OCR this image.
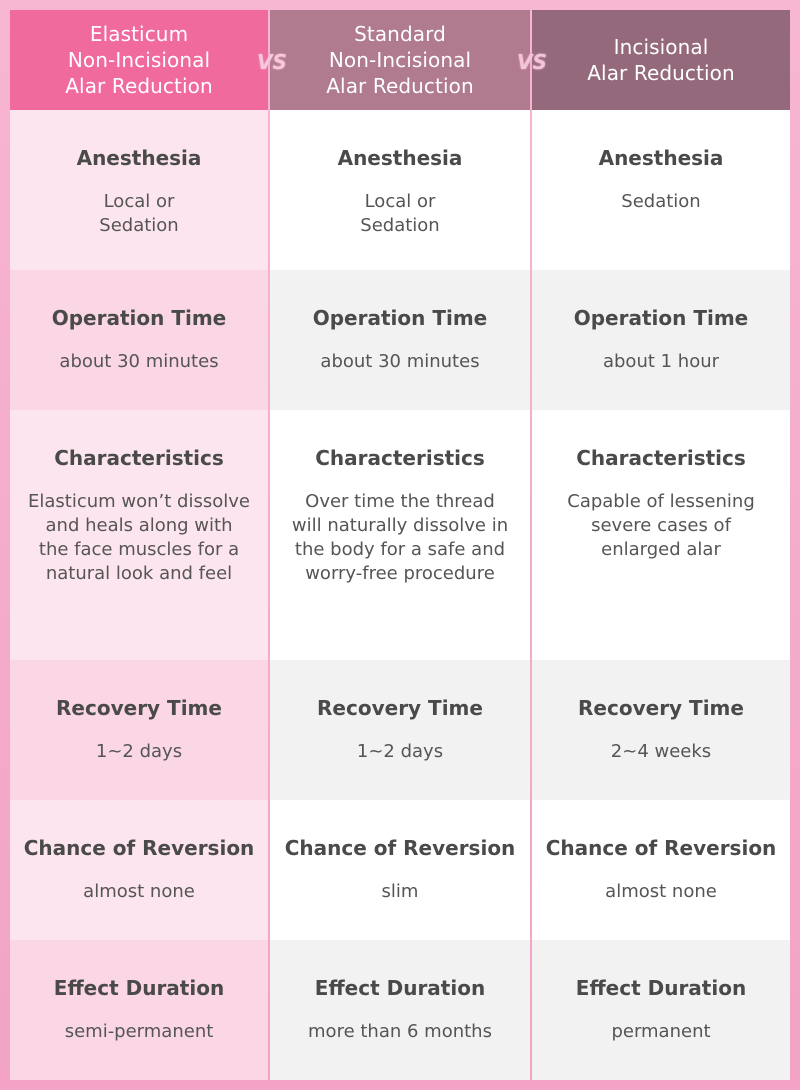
Elasticum
Non-Incisional
Alar Reduction
Anesthesia
Local or
Sedation
Operation Time
about 30 minutes
Characteristics
Elasticum won’t dissolve
and heals along with
the face muscles for a
natural look and feel
Recovery Time
1~2 days
Chance of Reversion
almost none
Effect Duration
semi-permanent
Standard
Non-Incisional
Alar Reduction
Anesthesia
Local or
Sedation
Operation Time
about 30 minutes
Characteristics
Over time the thread
will naturally dissolve in
the body for a safe and
worry-free procedure
Recovery Time
1~2 days
Chance of Reversion
slim
Effect Duration
more than 6 months
Incisional
Alar Reduction
Anesthesia
Sedation
Operation Time
about 1 hour
Characteristics
Capable of lessening
severe cases of
enlarged alar
Recovery Time
2~4 weeks
Chance of Reversion
almost none
Effect Duration
permanent
VS	VS
